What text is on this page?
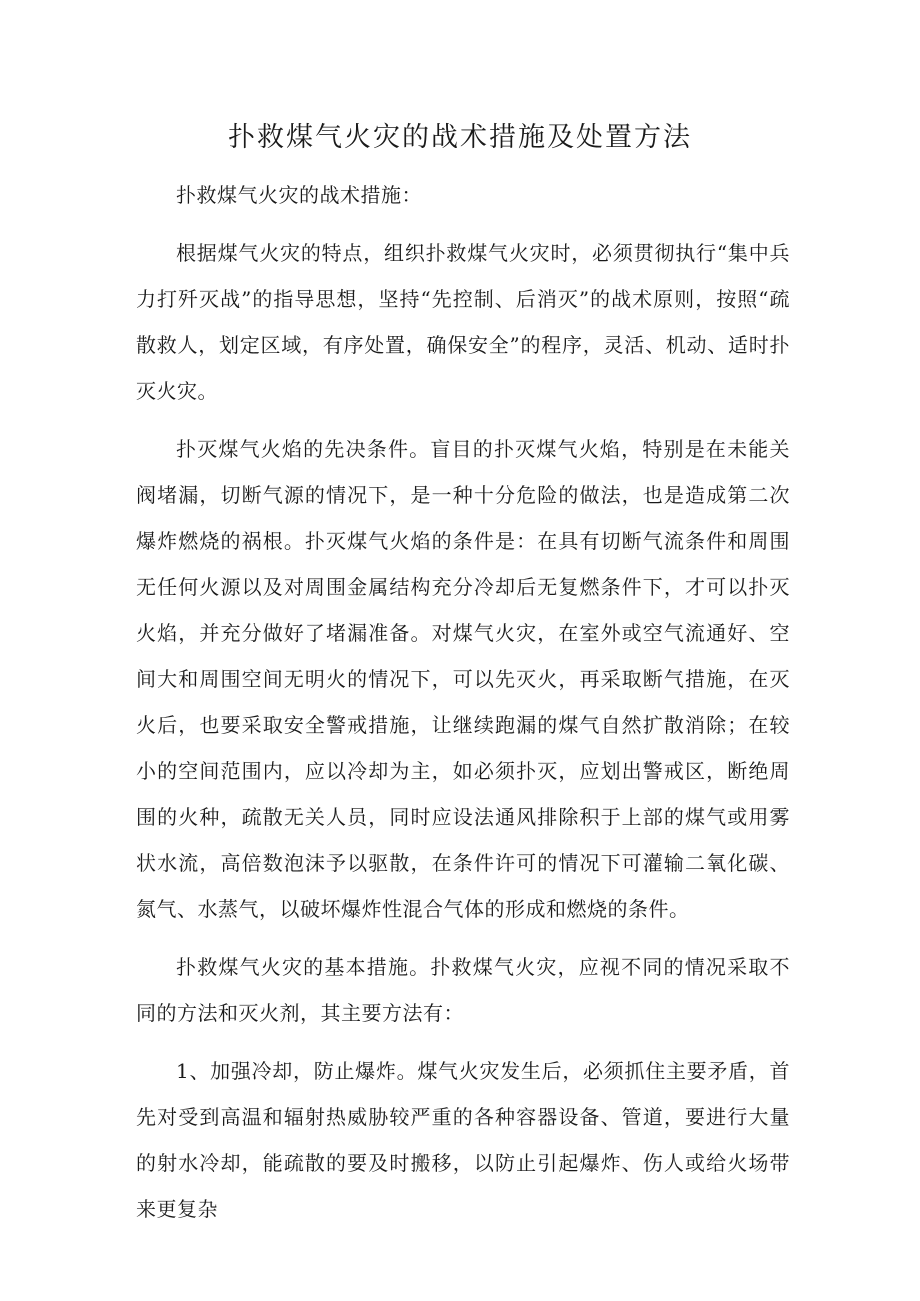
扑救煤气火灾的战术措施及处置方法

扑救煤气火灾的战术措施：

根据煤气火灾的特点，组织扑救煤气火灾时，必须贯彻执行“集中兵力打歼灭战”的指导思想，坚持“先控制、后消灭”的战术原则，按照“疏散救人，划定区域，有序处置，确保安全”的程序，灵活、机动、适时扑灭火灾。

扑灭煤气火焰的先决条件。盲目的扑灭煤气火焰，特别是在未能关阀堵漏，切断气源的情况下，是一种十分危险的做法，也是造成第二次爆炸燃烧的祸根。扑灭煤气火焰的条件是：在具有切断气流条件和周围无任何火源以及对周围金属结构充分冷却后无复燃条件下，才可以扑灭火焰，并充分做好了堵漏准备。对煤气火灾，在室外或空气流通好、空间大和周围空间无明火的情况下，可以先灭火，再采取断气措施，在灭火后，也要采取安全警戒措施，让继续跑漏的煤气自然扩散消除；在较小的空间范围内，应以冷却为主，如必须扑灭，应划出警戒区，断绝周围的火种，疏散无关人员，同时应设法通风排除积于上部的煤气或用雾状水流，高倍数泡沫予以驱散，在条件许可的情况下可灌输二氧化碳、氮气、水蒸气，以破坏爆炸性混合气体的形成和燃烧的条件。

扑救煤气火灾的基本措施。扑救煤气火灾，应视不同的情况采取不同的方法和灭火剂，其主要方法有：

1、加强冷却，防止爆炸。煤气火灾发生后，必须抓住主要矛盾，首先对受到高温和辐射热威胁较严重的各种容器设备、管道，要进行大量的射水冷却，能疏散的要及时搬移，以防止引起爆炸、伤人或给火场带来更复杂
